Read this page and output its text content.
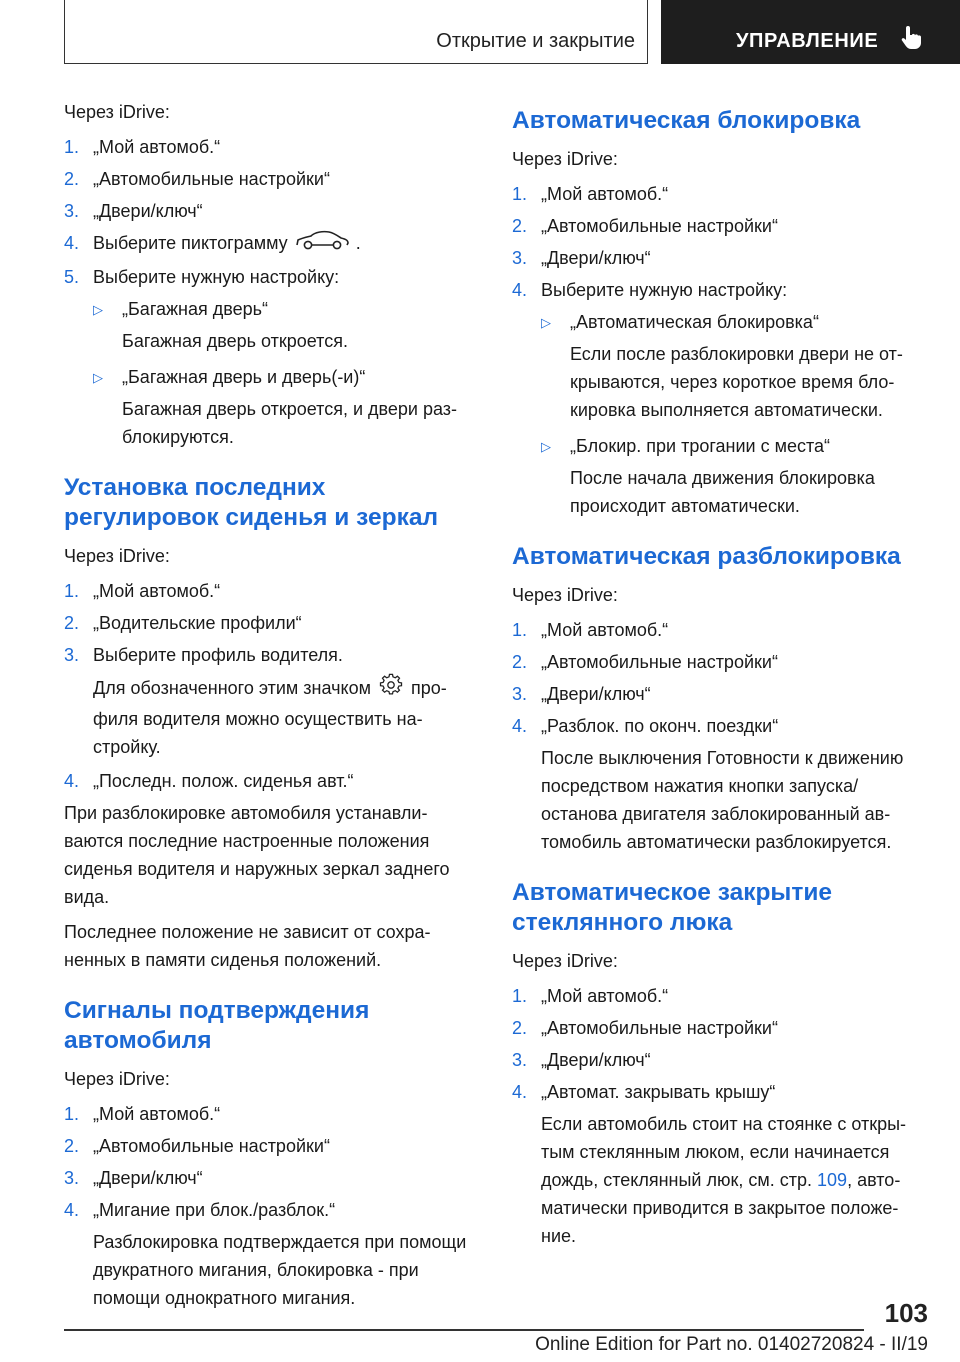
Открытие и закрытие	УПРАВЛЕНИЕ

Через iDrive:

1. „Мой автомоб.“
2. „Автомобильные настройки“
3. „Двери/ключ“
4. Выберите пиктограмму	.
5. Выберите нужную настройку:
▷ „Багажная дверь“
Багажная дверь откроется.
▷ „Багажная дверь и дверь(-и)“
Багажная дверь откроется, и двери разблокируются.
Установка последних регулировок сиденья и зеркал

Через iDrive:

1. „Мой автомоб.“
2. „Водительские профили“
3. Выберите профиль водителя.
Для обозначенного этим значком профиля водителя можно осуществить настройку.
4. „Последн. полож. сиденья авт.“

При разблокировке автомобиля устанавливаются последние настроенные положения сиденья водителя и наружных зеркал заднего вида.

Последнее положение не зависит от сохраненных в памяти сиденья положений.

Сигналы подтверждения автомобиля

Через iDrive:

1. „Мой автомоб.“
2. „Автомобильные настройки“
3. „Двери/ключ“
4. „Мигание при блок./разблок.“
Разблокировка подтверждается при помощи двукратного мигания, блокировка - при помощи однократного мигания.
Автоматическая блокировка

Через iDrive:

1. „Мой автомоб.“
2. „Автомобильные настройки“
3. „Двери/ключ“
4. Выберите нужную настройку:
▷ „Автоматическая блокировка“
Если после разблокировки двери не открываются, через короткое время блокировка выполняется автоматически.
▷ „Блокир. при трогании с места“
После начала движения блокировка происходит автоматически.
Автоматическая разблокировка

Через iDrive:

1. „Мой автомоб.“
2. „Автомобильные настройки“
3. „Двери/ключ“
4. „Разблок. по оконч. поездки“
После выключения Готовности к движению посредством нажатия кнопки запуска/ останова двигателя заблокированный автомобиль автоматически разблокируется.
Автоматическое закрытие стеклянного люка

Через iDrive:

1. „Мой автомоб.“
2. „Автомобильные настройки“
3. „Двери/ключ“
4. „Автомат. закрывать крышу“
Если автомобиль стоит на стоянке с открытым стеклянным люком, если начинается дождь, стеклянный люк, см. стр. 109, автоматически приводится в закрытое положение.
103
Online Edition for Part no. 01402720824 - II/19
